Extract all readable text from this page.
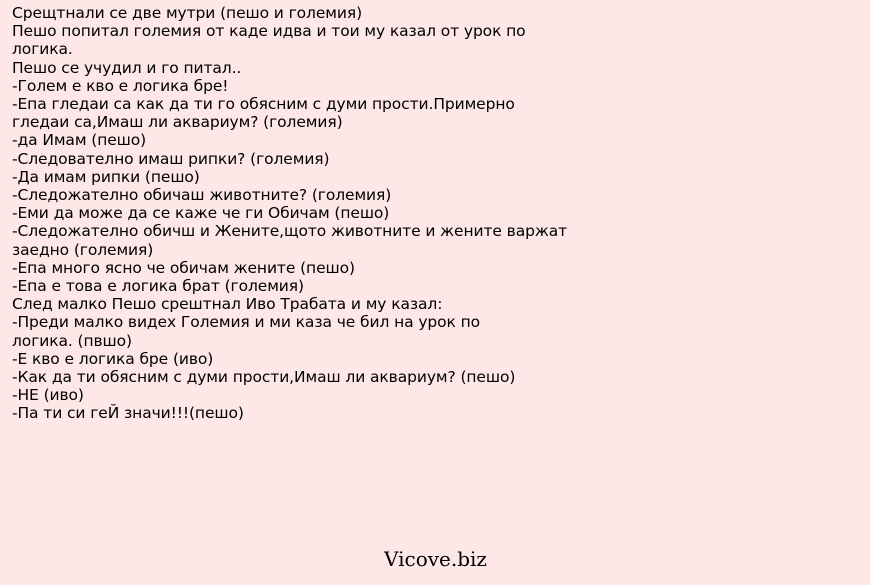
Срещтнали се две мутри (пешо и големия)
Пешо попитал големия от каде идва и тои му казал от урок по
логика.
Пешо се учудил и го питал..
-Голем е кво е логика бре!
-Епа гледаи са как да ти го обясним с думи прости.Примерно
гледаи са,Имаш ли аквариум? (големия)
-да Имам (пешо)
-Следователно имаш рипки? (големия)
-Да имам рипки (пешо)
-Следожателно обичаш животните? (големия)
-Еми да може да се каже че ги Обичам (пешо)
-Следожателно обичш и Жените,щото животните и жените варжат
заедно (големия)
-Епа много ясно че обичам жените (пешо)
-Епа е това е логика брат (големия)
След малко Пешо срештнал Иво Трабата и му казал:
-Преди малко видех Големия и ми каза че бил на урок по
логика. (пвшо)
-Е кво е логика бре (иво)
-Как да ти обясним с думи прости,Имаш ли аквариум? (пешо)
-НЕ (иво)
-Па ти си геЙ значи!!!(пешо)
Vicove.biz
